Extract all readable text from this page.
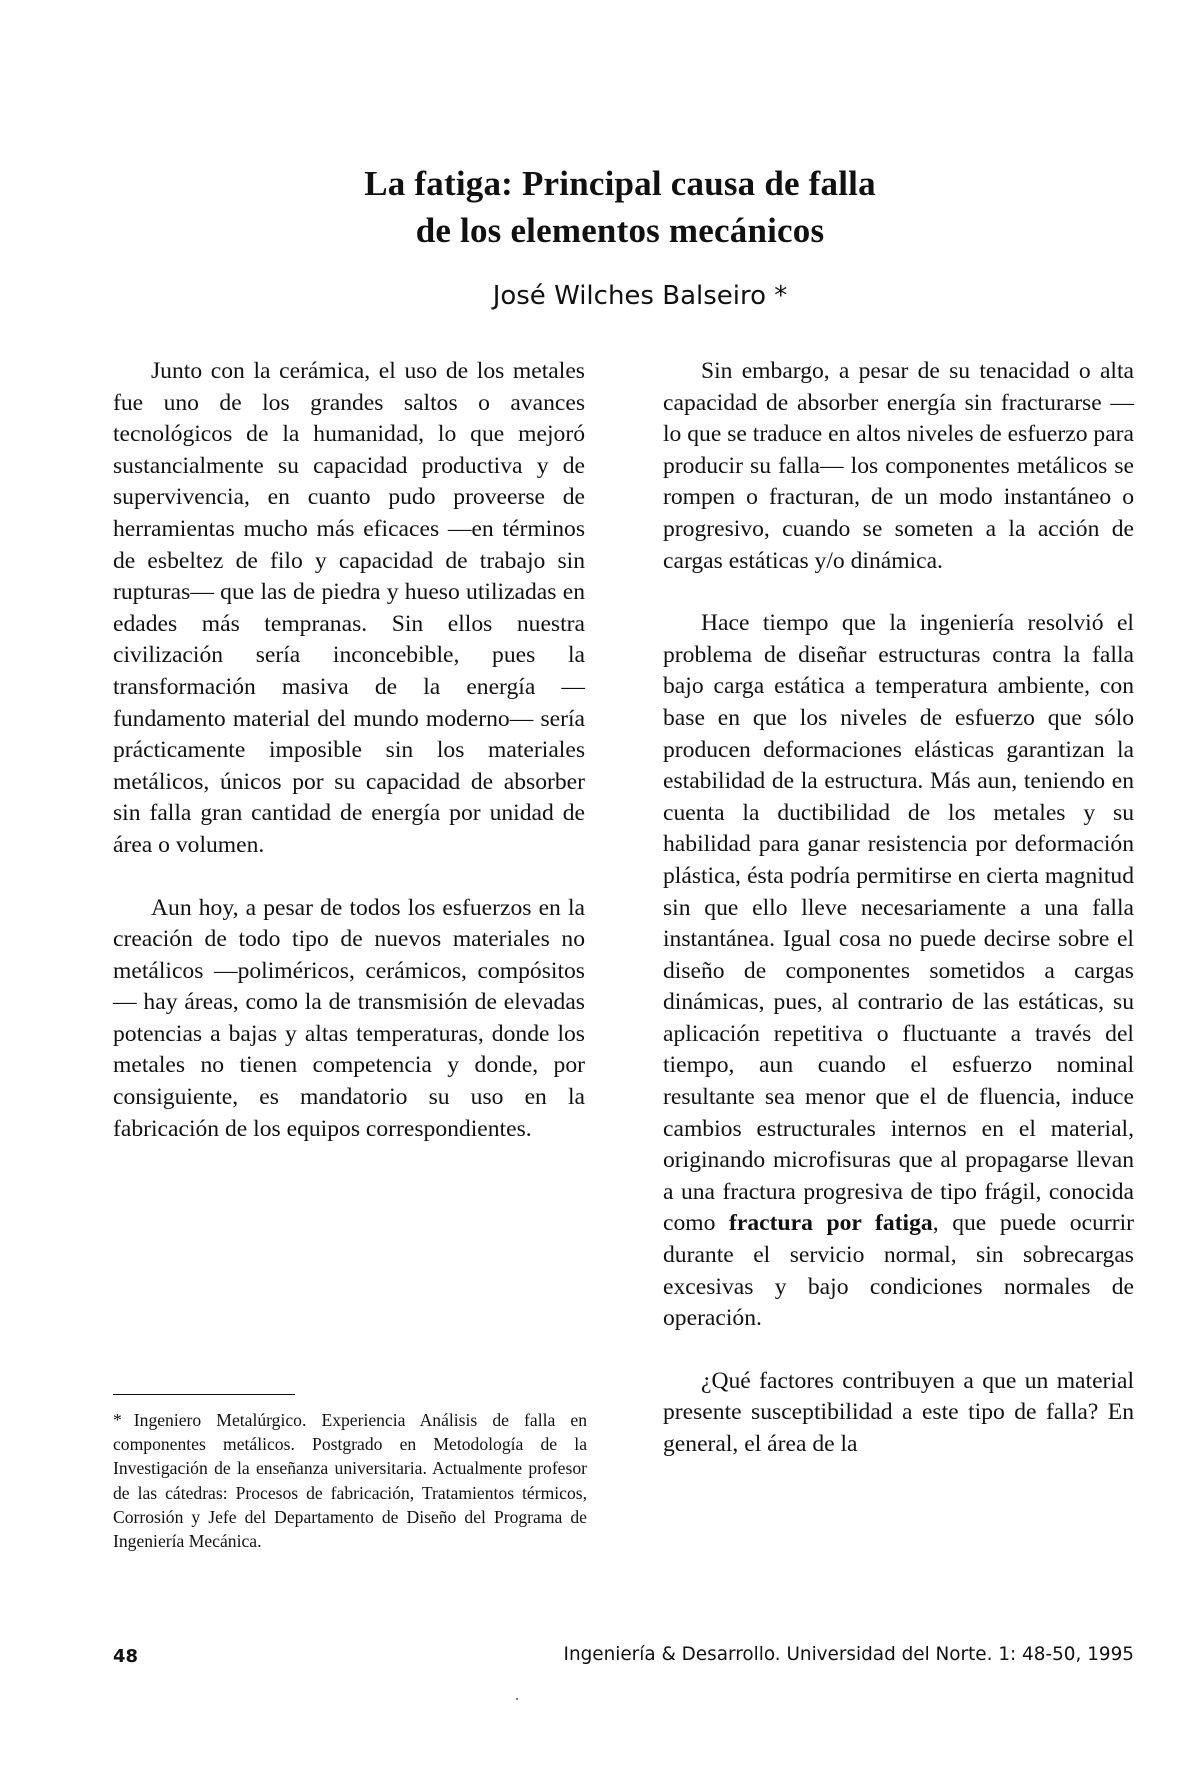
La fatiga: Principal causa de falla
de los elementos mecánicos
José Wilches Balseiro *

Junto con la cerámica, el uso de los metales fue uno de los grandes saltos o avances tecnológicos de la humanidad, lo que mejoró sustancialmente su capacidad productiva y de supervivencia, en cuanto pudo proveerse de herramientas mucho más eficaces —en términos de esbeltez de filo y capacidad de trabajo sin rupturas— que las de piedra y hueso utilizadas en edades más tempranas. Sin ellos nuestra civilización sería inconcebible, pues la transformación masiva de la energía —fundamento material del mundo moderno— sería prácticamente imposible sin los materiales metálicos, únicos por su capacidad de absorber sin falla gran cantidad de energía por unidad de área o volumen.

Aun hoy, a pesar de todos los esfuerzos en la creación de todo tipo de nuevos materiales no metálicos —poliméricos, cerámicos, compósitos— hay áreas, como la de transmisión de elevadas potencias a bajas y altas temperaturas, donde los metales no tienen competencia y donde, por consiguiente, es mandatorio su uso en la fabricación de los equipos correspondientes.

Sin embargo, a pesar de su tenacidad o alta capacidad de absorber energía sin fracturarse —lo que se traduce en altos niveles de esfuerzo para producir su falla— los componentes metálicos se rompen o fracturan, de un modo instantáneo o progresivo, cuando se someten a la acción de cargas estáticas y/o dinámica.

Hace tiempo que la ingeniería resolvió el problema de diseñar estructuras contra la falla bajo carga estática a temperatura ambiente, con base en que los niveles de esfuerzo que sólo producen deformaciones elásticas garantizan la estabilidad de la estructura. Más aun, teniendo en cuenta la ductibilidad de los metales y su habilidad para ganar resistencia por deformación plástica, ésta podría permitirse en cierta magnitud sin que ello lleve necesariamente a una falla instantánea. Igual cosa no puede decirse sobre el diseño de componentes sometidos a cargas dinámicas, pues, al contrario de las estáticas, su aplicación repetitiva o fluctuante a través del tiempo, aun cuando el esfuerzo nominal resultante sea menor que el de fluencia, induce cambios estructurales internos en el material, originando microfisuras que al propagarse llevan a una fractura progresiva de tipo frágil, conocida como fractura por fatiga, que puede ocurrir durante el servicio normal, sin sobrecargas excesivas y bajo condiciones normales de operación.

¿Qué factores contribuyen a que un material presente susceptibilidad a este tipo de falla? En general, el área de la

* Ingeniero Metalúrgico. Experiencia Análisis de falla en componentes metálicos. Postgrado en Metodología de la Investigación de la enseñanza universitaria. Actualmente profesor de las cátedras: Procesos de fabricación, Tratamientos térmicos, Corrosión y Jefe del Departamento de Diseño del Programa de Ingeniería Mecánica.

48	Ingeniería & Desarrollo. Universidad del Norte. 1: 48-50, 1995
